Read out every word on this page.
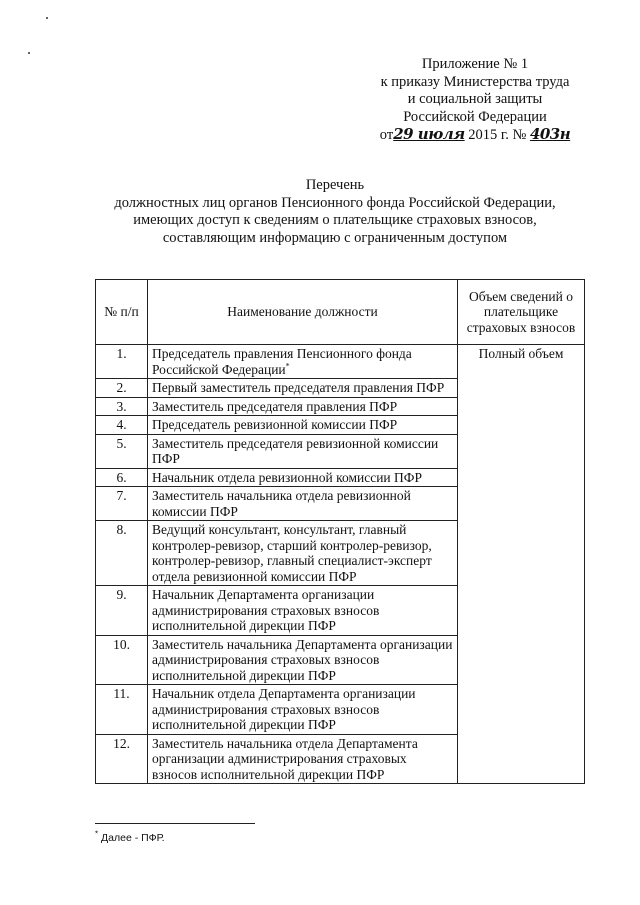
Приложение № 1
к приказу Министерства труда
и социальной защиты
Российской Федерации
от29 июля 2015 г. № 403н
Перечень
должностных лиц органов Пенсионного фонда Российской Федерации,
имеющих доступ к сведениям о плательщике страховых взносов,
составляющим информацию с ограниченным доступом
№ п/п	Наименование должности	Объем сведений о плательщике страховых взносов
1.	Председатель правления Пенсионного фонда Российской Федерации*	Полный объем
2.	Первый заместитель председателя правления ПФР	
3.	Заместитель председателя правления ПФР	
4.	Председатель ревизионной комиссии ПФР	
5.	Заместитель председателя ревизионной комиссии ПФР	
6.	Начальник отдела ревизионной комиссии ПФР	
7.	Заместитель начальника отдела ревизионной комиссии ПФР	
8.	Ведущий консультант, консультант, главный контролер-ревизор, старший контролер-ревизор, контролер-ревизор, главный специалист-эксперт отдела ревизионной комиссии ПФР	
9.	Начальник Департамента организации администрирования страховых взносов исполнительной дирекции ПФР	
10.	Заместитель начальника Департамента организации администрирования страховых взносов исполнительной дирекции ПФР	
11.	Начальник отдела Департамента организации администрирования страховых взносов исполнительной дирекции ПФР	
12.	Заместитель начальника отдела Департамента организации администрирования страховых взносов исполнительной дирекции ПФР	
* Далее - ПФР.
